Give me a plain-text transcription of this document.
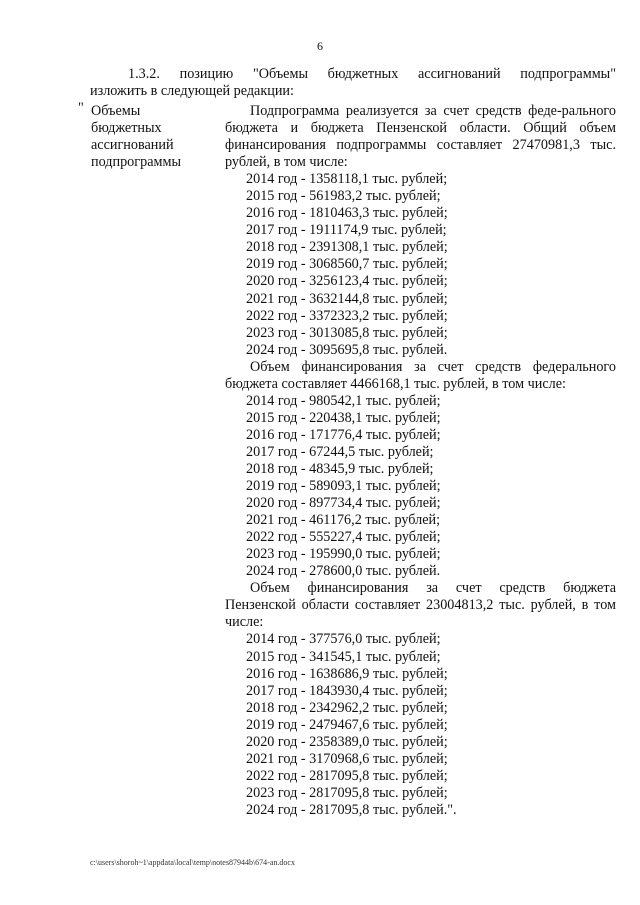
6
1.3.2. позицию "Объемы бюджетных ассигнований подпрограммы"
изложить в следующей редакции:
" Объемы бюджетных ассигнований подпрограммы
Подпрограмма реализуется за счет средств феде-рального бюджета и бюджета Пензенской области. Общий объем финансирования подпрограммы составляет 27470981,3 тыс. рублей, в том числе:
2014 год - 1358118,1 тыс. рублей;
2015 год - 561983,2 тыс. рублей;
2016 год - 1810463,3 тыс. рублей;
2017 год - 1911174,9 тыс. рублей;
2018 год - 2391308,1 тыс. рублей;
2019 год - 3068560,7 тыс. рублей;
2020 год - 3256123,4 тыс. рублей;
2021 год - 3632144,8 тыс. рублей;
2022 год - 3372323,2 тыс. рублей;
2023 год - 3013085,8 тыс. рублей;
2024 год - 3095695,8 тыс. рублей.
Объем финансирования за счет средств федерального бюджета составляет 4466168,1 тыс. рублей, в том числе:
2014 год - 980542,1 тыс. рублей;
2015 год - 220438,1 тыс. рублей;
2016 год - 171776,4 тыс. рублей;
2017 год - 67244,5 тыс. рублей;
2018 год - 48345,9 тыс. рублей;
2019 год - 589093,1 тыс. рублей;
2020 год - 897734,4 тыс. рублей;
2021 год - 461176,2 тыс. рублей;
2022 год - 555227,4 тыс. рублей;
2023 год - 195990,0 тыс. рублей;
2024 год - 278600,0 тыс. рублей.
Объем финансирования за счет средств бюджета Пензенской области составляет 23004813,2 тыс. рублей, в том числе:
2014 год - 377576,0 тыс. рублей;
2015 год - 341545,1 тыс. рублей;
2016 год - 1638686,9 тыс. рублей;
2017 год - 1843930,4 тыс. рублей;
2018 год - 2342962,2 тыс. рублей;
2019 год - 2479467,6 тыс. рублей;
2020 год - 2358389,0 тыс. рублей;
2021 год - 3170968,6 тыс. рублей;
2022 год - 2817095,8 тыс. рублей;
2023 год - 2817095,8 тыс. рублей;
2024 год - 2817095,8 тыс. рублей.".
c:\users\shoroh~1\appdata\local\temp\notes87944b\674-an.docx
